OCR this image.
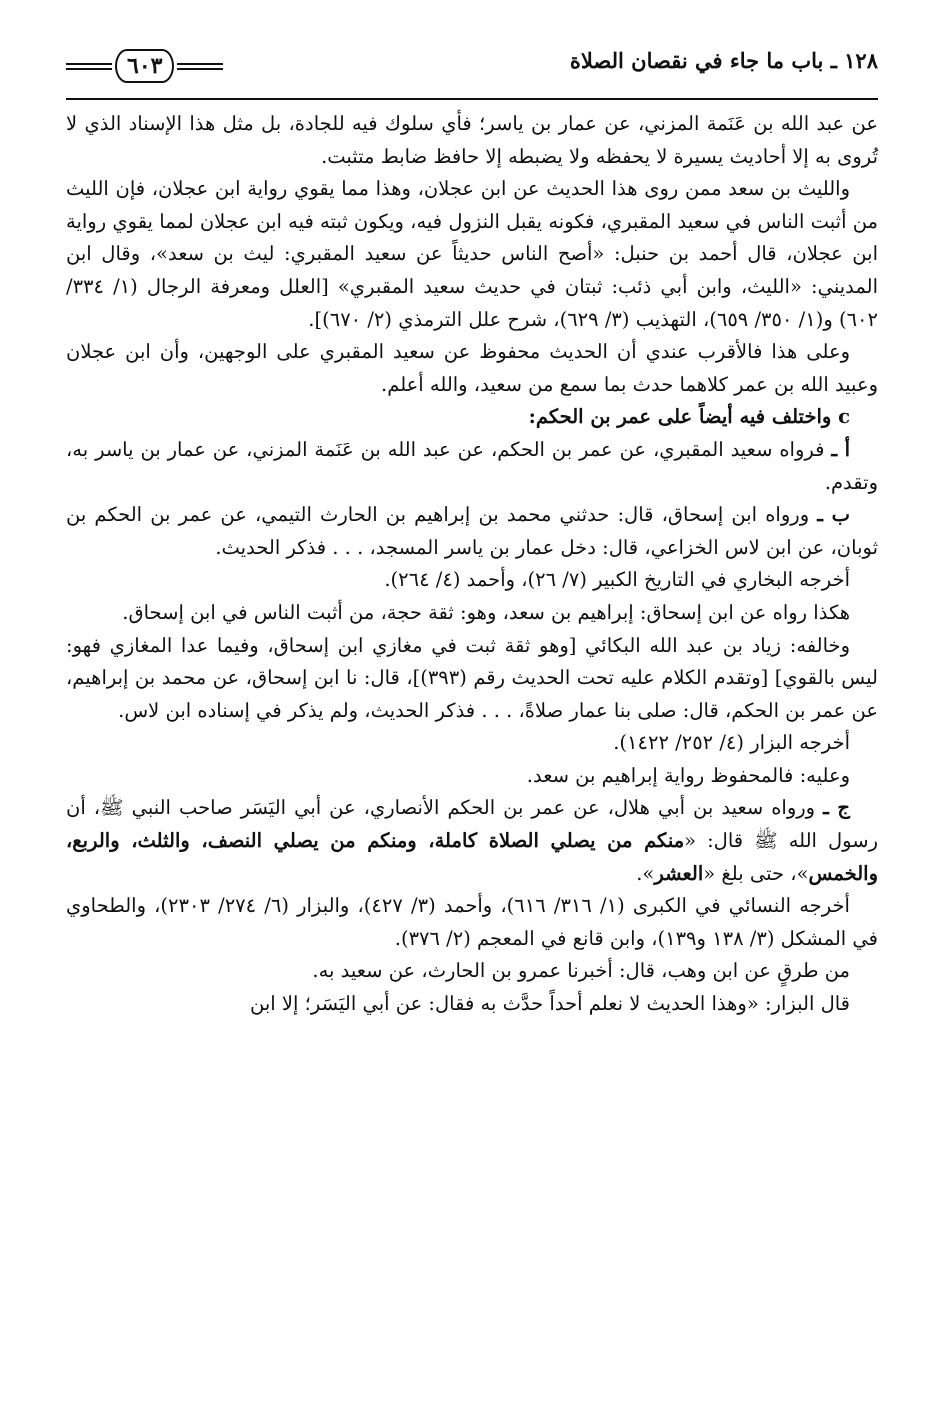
١٢٨ ـ باب ما جاء في نقصان الصلاة
٦٠٣

عن عبد الله بن عَنَمة المزني، عن عمار بن ياسر؛ فأي سلوك فيه للجادة، بل مثل هذا الإسناد الذي لا تُروى به إلا أحاديث يسيرة لا يحفظه ولا يضبطه إلا حافظ ضابط متثبت.

والليث بن سعد ممن روى هذا الحديث عن ابن عجلان، وهذا مما يقوي رواية ابن عجلان، فإن الليث من أثبت الناس في سعيد المقبري، فكونه يقبل النزول فيه، ويكون ثبته فيه ابن عجلان لمما يقوي رواية ابن عجلان، قال أحمد بن حنبل: «أصح الناس حديثاً عن سعيد المقبري: ليث بن سعد»، وقال ابن المديني: «الليث، وابن أبي ذئب: ثبتان في حديث سعيد المقبري» [العلل ومعرفة الرجال (١/ ٣٣٤/ ٦٠٢) و(١/ ٣٥٠/ ٦٥٩)، التهذيب (٣/ ٦٢٩)، شرح علل الترمذي (٢/ ٦٧٠)].

وعلى هذا فالأقرب عندي أن الحديث محفوظ عن سعيد المقبري على الوجهين، وأن ابن عجلان وعبيد الله بن عمر كلاهما حدث بما سمع من سعيد، والله أعلم.

c واختلف فيه أيضاً على عمر بن الحكم:

أ ـ فرواه سعيد المقبري، عن عمر بن الحكم، عن عبد الله بن عَنَمة المزني، عن عمار بن ياسر به، وتقدم.

ب ـ ورواه ابن إسحاق، قال: حدثني محمد بن إبراهيم بن الحارث التيمي، عن عمر بن الحكم بن ثوبان، عن ابن لاس الخزاعي، قال: دخل عمار بن ياسر المسجد، . . . فذكر الحديث.

أخرجه البخاري في التاريخ الكبير (٧/ ٢٦)، وأحمد (٤/ ٢٦٤).

هكذا رواه عن ابن إسحاق: إبراهيم بن سعد، وهو: ثقة حجة، من أثبت الناس في ابن إسحاق.

وخالفه: زياد بن عبد الله البكائي [وهو ثقة ثبت في مغازي ابن إسحاق، وفيما عدا المغازي فهو: ليس بالقوي] [وتقدم الكلام عليه تحت الحديث رقم (٣٩٣)]، قال: نا ابن إسحاق، عن محمد بن إبراهيم، عن عمر بن الحكم، قال: صلى بنا عمار صلاةً، . . . فذكر الحديث، ولم يذكر في إسناده ابن لاس.

أخرجه البزار (٤/ ٢٥٢/ ١٤٢٢).

وعليه: فالمحفوظ رواية إبراهيم بن سعد.

ج ـ ورواه سعيد بن أبي هلال، عن عمر بن الحكم الأنصاري، عن أبي اليَسَر صاحب النبي ﷺ، أن رسول الله ﷺ قال: «منكم من يصلي الصلاة كاملة، ومنكم من يصلي النصف، والثلث، والربع، والخمس»، حتى بلغ «العشر».

أخرجه النسائي في الكبرى (١/ ٣١٦/ ٦١٦)، وأحمد (٣/ ٤٢٧)، والبزار (٦/ ٢٧٤/ ٢٣٠٣)، والطحاوي في المشكل (٣/ ١٣٨ و١٣٩)، وابن قانع في المعجم (٢/ ٣٧٦).

من طرقٍ عن ابن وهب، قال: أخبرنا عمرو بن الحارث، عن سعيد به.

قال البزار: «وهذا الحديث لا نعلم أحداً حدَّث به فقال: عن أبي اليَسَر؛ إلا ابن
